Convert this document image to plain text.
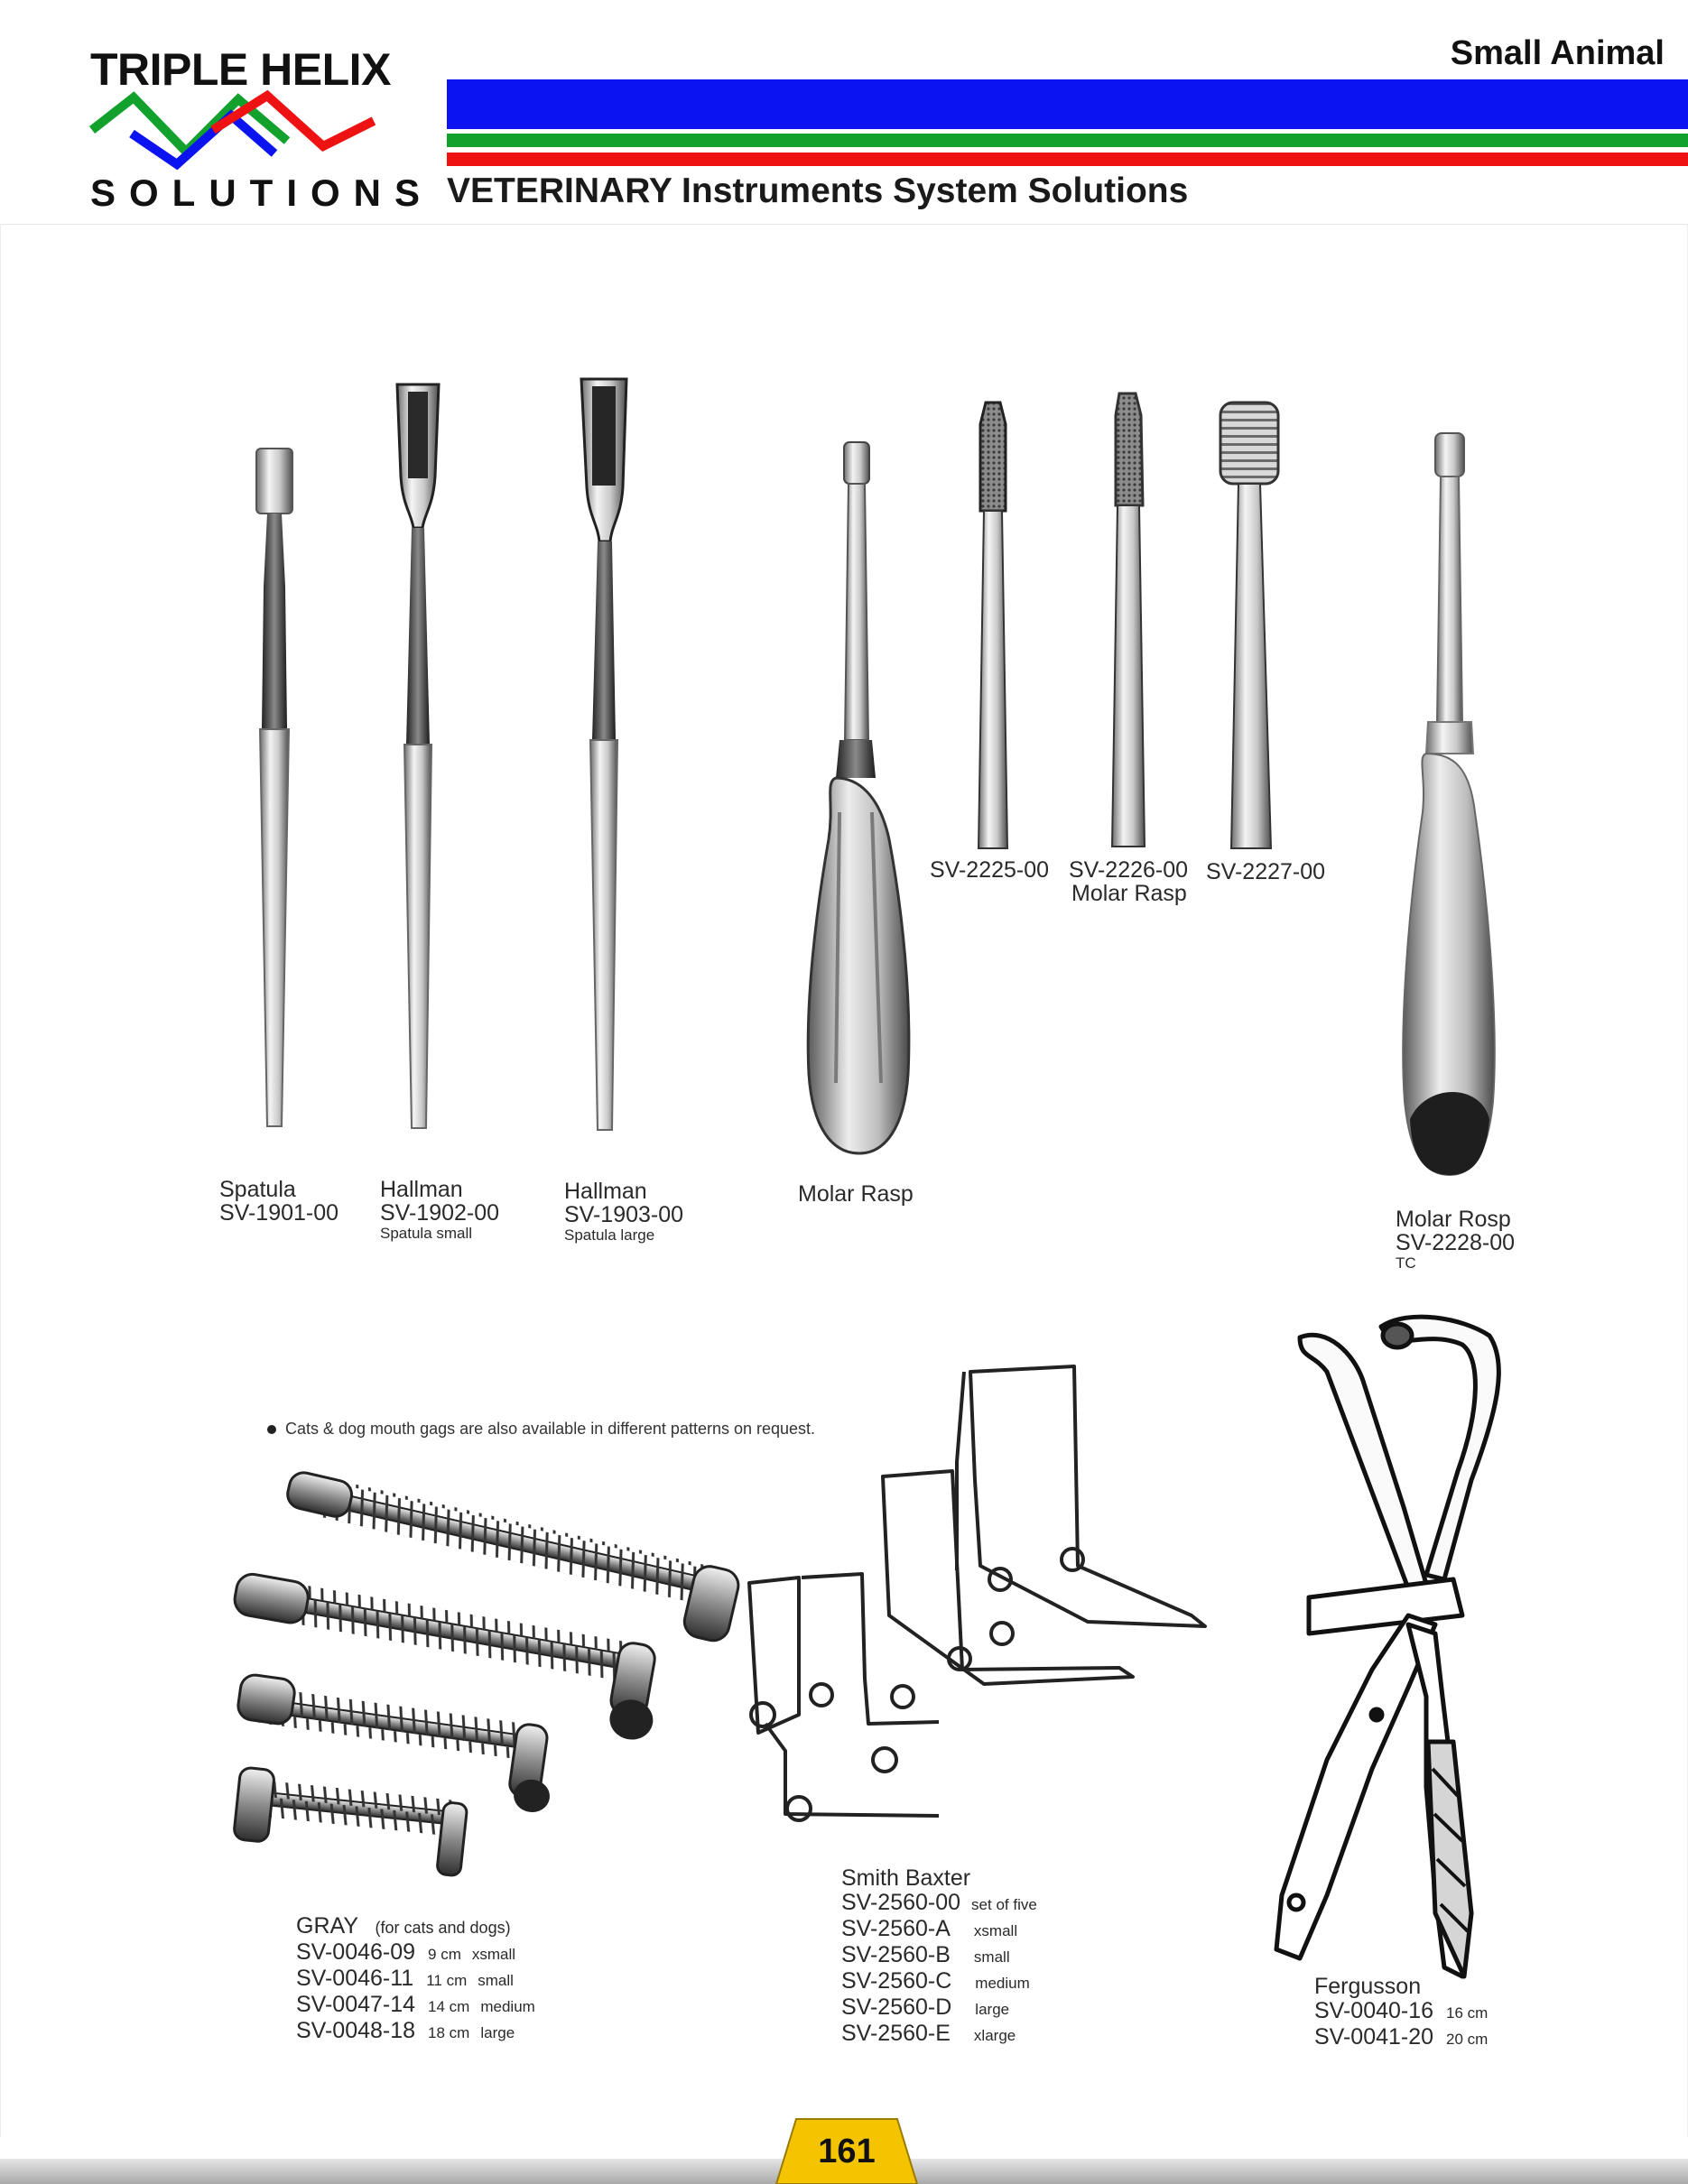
TRIPLE HELIX
SOLUTIONS
Small Animal
VETERINARY Instruments System Solutions
Spatula
SV-1901-00
Hallman
SV-1902-00
Spatula small
Hallman
SV-1903-00
Spatula large
Molar Rasp
SV-2225-00 SV-2226-00
Molar Rasp
SV-2227-00
Molar Rosp
SV-2228-00
TC
Cats & dog mouth gags are also available in different patterns on request.
GRAY (for cats and dogs)
SV-0046-09 9 cm xsmall
SV-0046-11 11 cm small
SV-0047-14 14 cm medium
SV-0048-18 18 cm large
Smith Baxter
SV-2560-00 set of five
SV-2560-A xsmall
SV-2560-B small
SV-2560-C medium
SV-2560-D large
SV-2560-E xlarge
Fergusson
SV-0040-16 16 cm
SV-0041-20 20 cm
161
